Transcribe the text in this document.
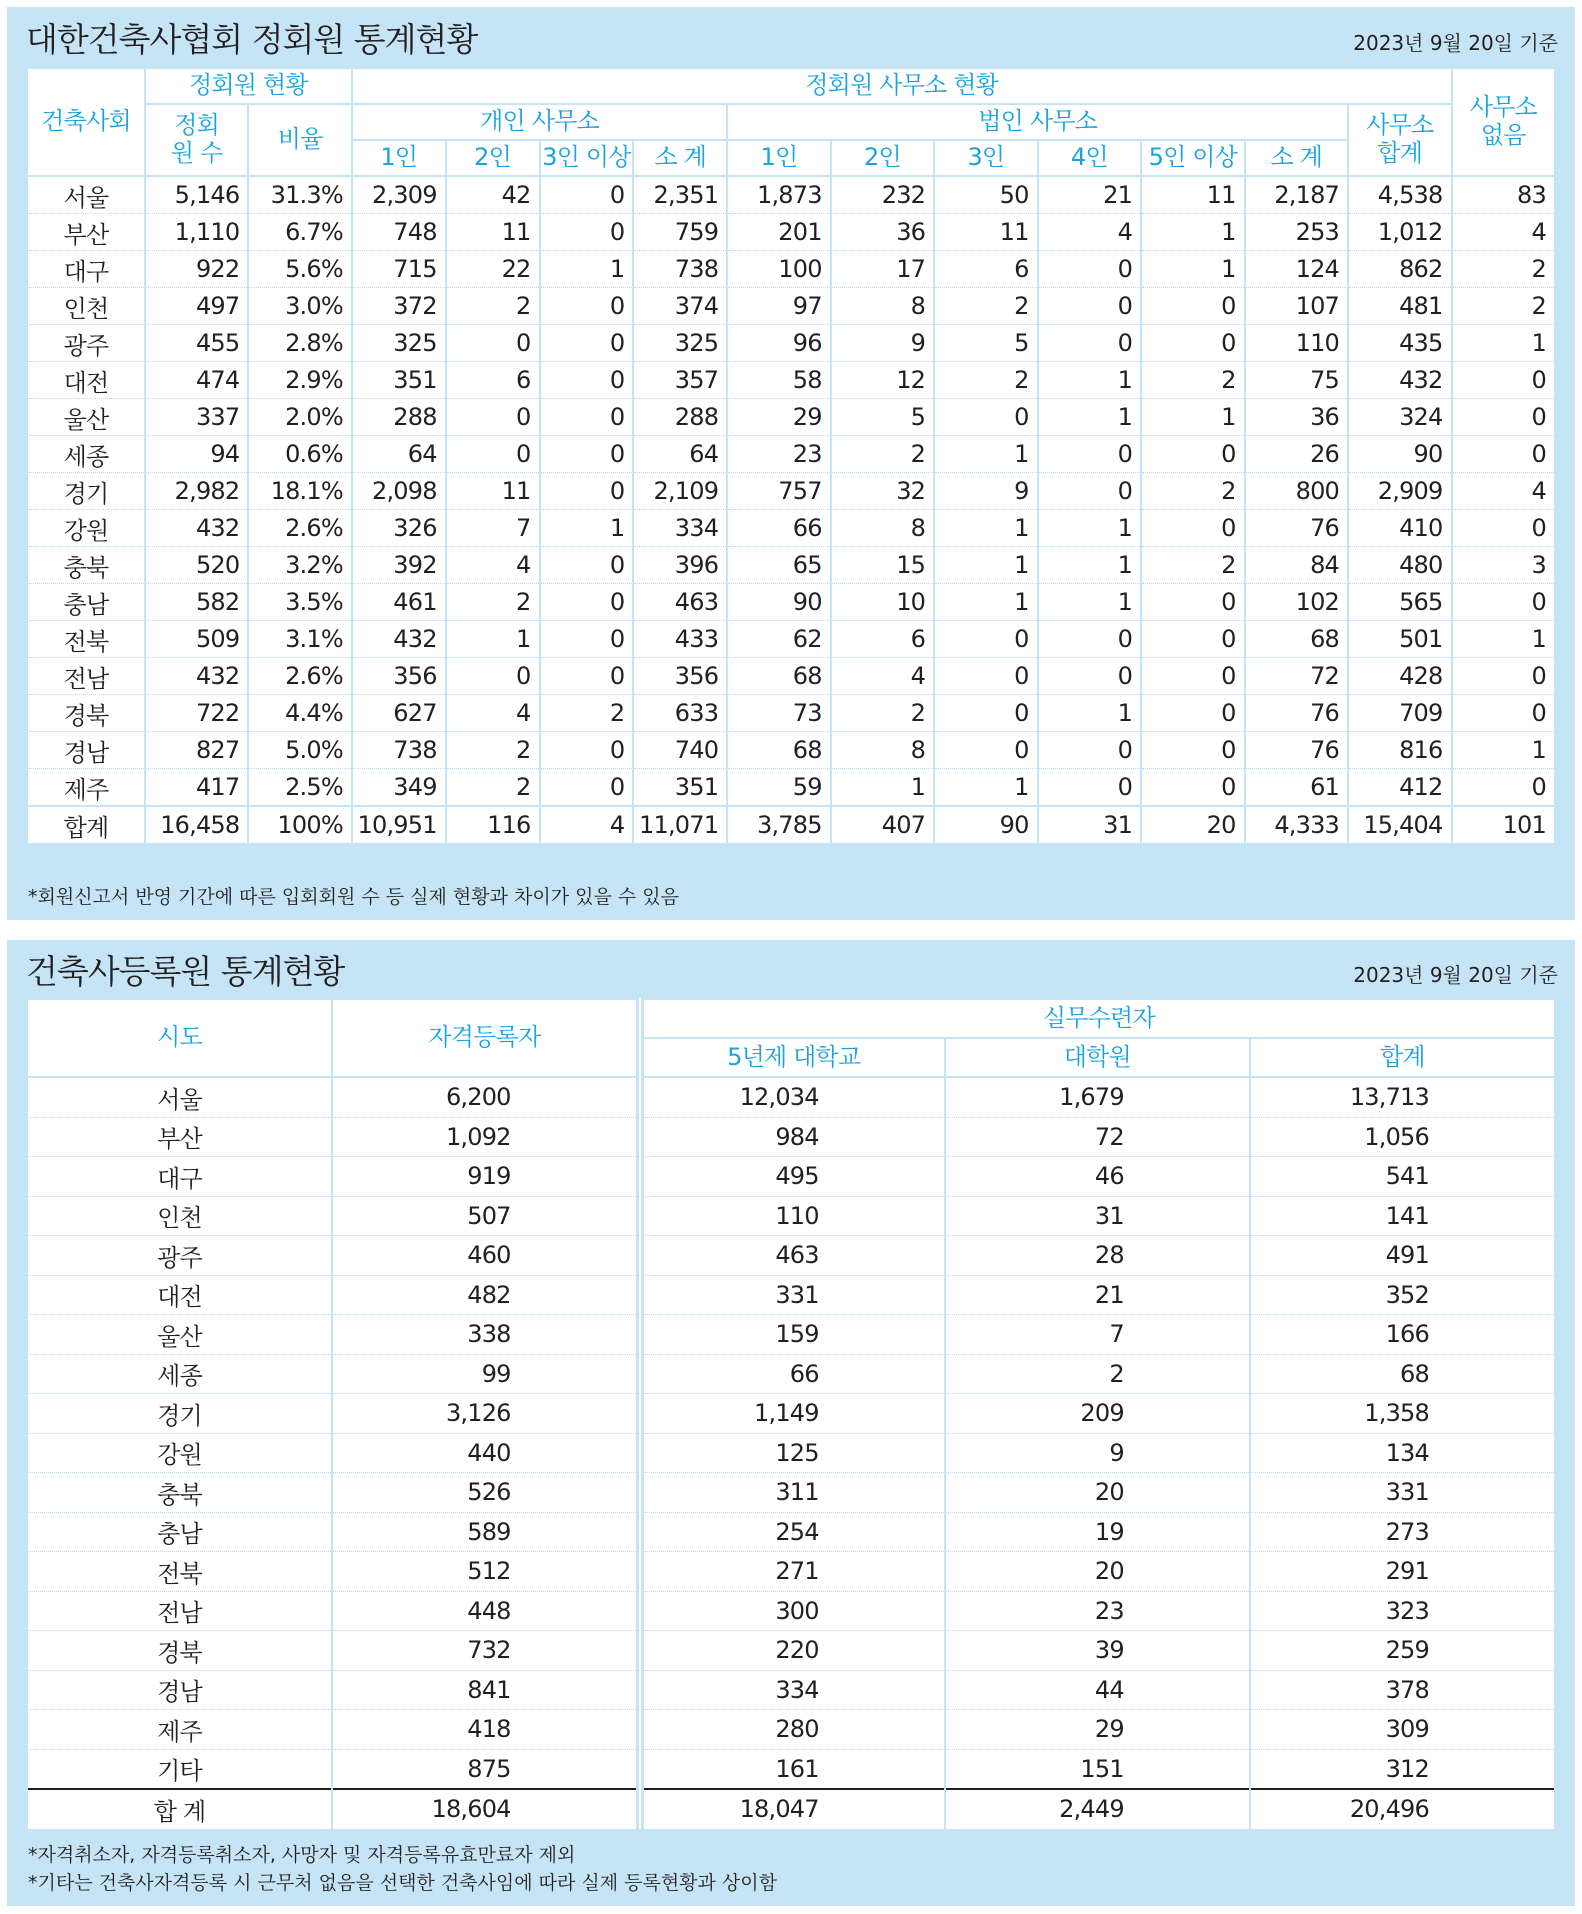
대한건축사협회 정회원 통계현황	2023년 9월 20일 기준
건축사회	정회원 현황		정회원 사무소 현황											사무소 없음
	정회원 수	비율	개인 사무소				법인 사무소						사무소 합계	
			1인	2인	3인 이상	소 계	1인	2인	3인	4인	5인 이상	소 계		
서울	5,146	31.3%	2,309	42	0	2,351	1,873	232	50	21	11	2,187	4,538	83
부산	1,110	6.7%	748	11	0	759	201	36	11	4	1	253	1,012	4
대구	922	5.6%	715	22	1	738	100	17	6	0	1	124	862	2
인천	497	3.0%	372	2	0	374	97	8	2	0	0	107	481	2
광주	455	2.8%	325	0	0	325	96	9	5	0	0	110	435	1
대전	474	2.9%	351	6	0	357	58	12	2	1	2	75	432	0
울산	337	2.0%	288	0	0	288	29	5	0	1	1	36	324	0
세종	94	0.6%	64	0	0	64	23	2	1	0	0	26	90	0
경기	2,982	18.1%	2,098	11	0	2,109	757	32	9	0	2	800	2,909	4
강원	432	2.6%	326	7	1	334	66	8	1	1	0	76	410	0
충북	520	3.2%	392	4	0	396	65	15	1	1	2	84	480	3
충남	582	3.5%	461	2	0	463	90	10	1	1	0	102	565	0
전북	509	3.1%	432	1	0	433	62	6	0	0	0	68	501	1
전남	432	2.6%	356	0	0	356	68	4	0	0	0	72	428	0
경북	722	4.4%	627	4	2	633	73	2	0	1	0	76	709	0
경남	827	5.0%	738	2	0	740	68	8	0	0	0	76	816	1
제주	417	2.5%	349	2	0	351	59	1	1	0	0	61	412	0
합계	16,458	100%	10,951	116	4	11,071	3,785	407	90	31	20	4,333	15,404	101
*회원신고서 반영 기간에 따른 입회회원 수 등 실제 현황과 차이가 있을 수 있음
건축사등록원 통계현황	2023년 9월 20일 기준
시도	자격등록자	실무수련자		
		5년제 대학교	대학원	합계
서울	6,200	12,034	1,679	13,713
부산	1,092	984	72	1,056
대구	919	495	46	541
인천	507	110	31	141
광주	460	463	28	491
대전	482	331	21	352
울산	338	159	7	166
세종	99	66	2	68
경기	3,126	1,149	209	1,358
강원	440	125	9	134
충북	526	311	20	331
충남	589	254	19	273
전북	512	271	20	291
전남	448	300	23	323
경북	732	220	39	259
경남	841	334	44	378
제주	418	280	29	309
기타	875	161	151	312
합 계	18,604	18,047	2,449	20,496
*자격취소자, 자격등록취소자, 사망자 및 자격등록유효만료자 제외
*기타는 건축사자격등록 시 근무처 없음을 선택한 건축사임에 따라 실제 등록현황과 상이함
